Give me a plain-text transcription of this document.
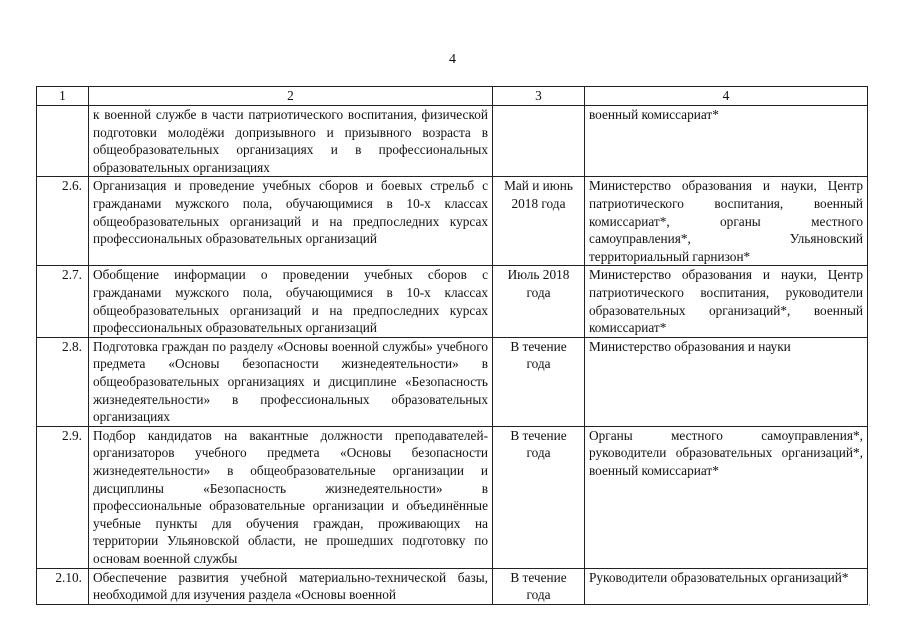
4
1	2	3	4
	к военной службе в части патриотического воспитания, физической подготовки молодёжи допризывного и призывного возраста в общеобразовательных организациях и в профессиональных образовательных организациях		военный комиссариат*
2.6.	Организация и проведение учебных сборов и боевых стрельб с гражданами мужского пола, обучающимися в 10-х классах общеобразовательных организаций и на предпоследних курсах профессиональных образовательных организаций	Май и июнь 2018 года	Министерство образования и науки, Центр патриотического воспитания, военный комиссариат*, органы местного самоуправления*, Ульяновский территориальный гарнизон*
2.7.	Обобщение информации о проведении учебных сборов с гражданами мужского пола, обучающимися в 10-х классах общеобразовательных организаций и на предпоследних курсах профессиональных образовательных организаций	Июль 2018 года	Министерство образования и науки, Центр патриотического воспитания, руководители образовательных организаций*, военный комиссариат*
2.8.	Подготовка граждан по разделу «Основы военной службы» учебного предмета «Основы безопасности жизнедеятельности» в общеобразовательных организациях и дисциплине «Безопасность жизнедеятельности» в профессиональных образовательных организациях	В течение года	Министерство образования и науки
2.9.	Подбор кандидатов на вакантные должности преподавателей-организаторов учебного предмета «Основы безопасности жизнедеятельности» в общеобразовательные организации и дисциплины «Безопасность жизнедеятельности» в профессиональные образовательные организации и объединённые учебные пункты для обучения граждан, проживающих на территории Ульяновской области, не прошедших подготовку по основам военной службы	В течение года	Органы местного самоуправления*, руководители образовательных организаций*, военный комиссариат*
2.10.	Обеспечение развития учебной материально-технической базы, необходимой для изучения раздела «Основы военной	В течение года	Руководители образовательных организаций*
·
